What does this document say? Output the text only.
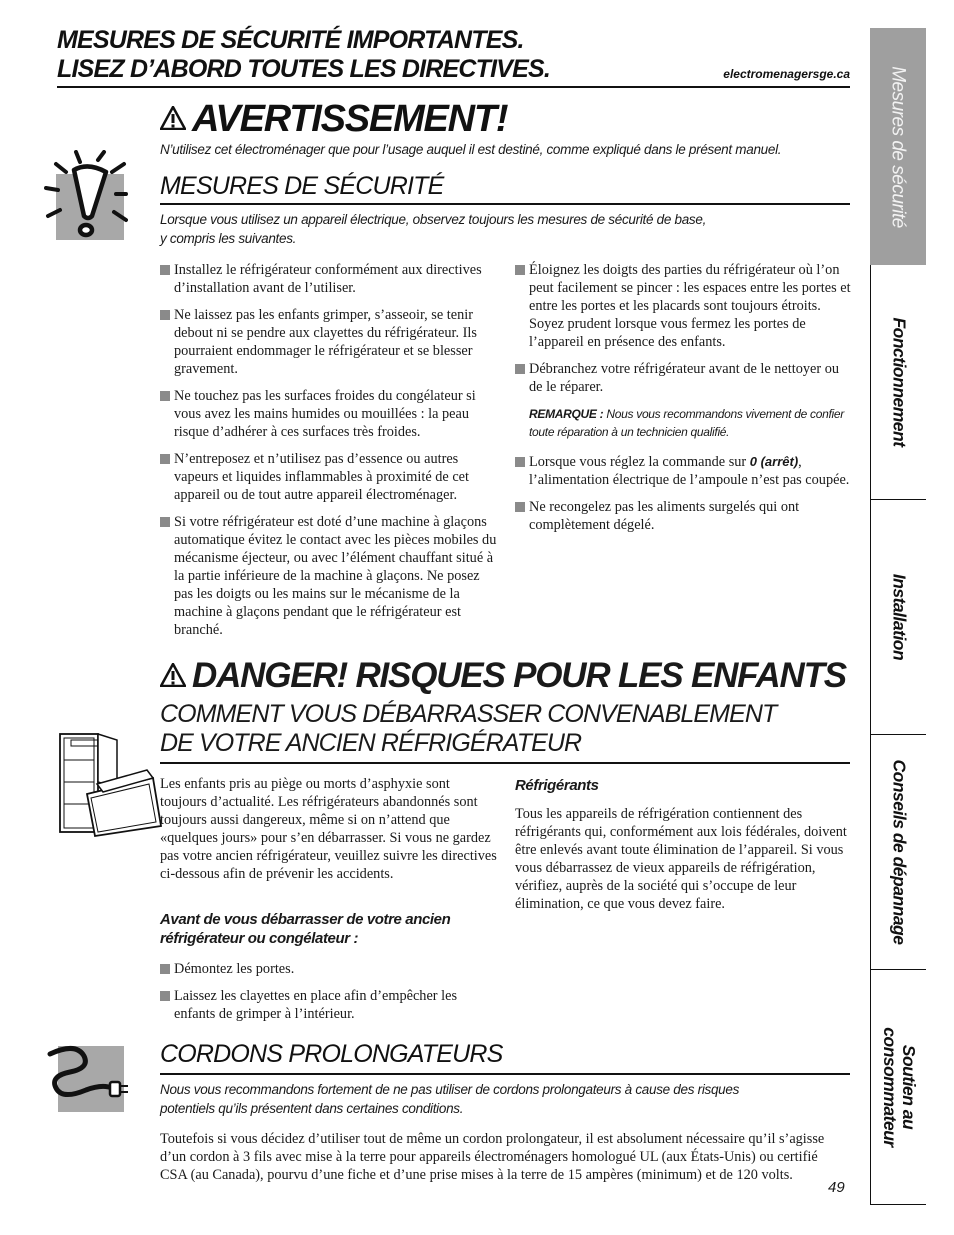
MESURES DE SÉCURITÉ IMPORTANTES.
LISEZ D’ABORD TOUTES LES DIRECTIVES.	electromenagersge.ca
AVERTISSEMENT!
N’utilisez cet électroménager que pour l’usage auquel il est destiné, comme expliqué dans le présent manuel.
MESURES DE SÉCURITÉ
Lorsque vous utilisez un appareil électrique, observez toujours les mesures de sécurité de base,
y compris les suivantes.
Installez le réfrigérateur conformément aux directives d’installation avant de l’utiliser.
Ne laissez pas les enfants grimper, s’asseoir, se tenir debout ni se pendre aux clayettes du réfrigérateur. Ils pourraient endommager le réfrigérateur et se blesser gravement.
Ne touchez pas les surfaces froides du congélateur si vous avez les mains humides ou mouillées : la peau risque d’adhérer à ces surfaces très froides.
N’entreposez et n’utilisez pas d’essence ou autres vapeurs et liquides inflammables à proximité de cet appareil ou de tout autre appareil électroménager.
Si votre réfrigérateur est doté d’une machine à glaçons automatique évitez le contact avec les pièces mobiles du mécanisme éjecteur, ou avec l’élément chauffant situé à la partie inférieure de la machine à glaçons. Ne posez pas les doigts ou les mains sur le mécanisme de la machine à glaçons pendant que le réfrigérateur est branché.
Éloignez les doigts des parties du réfrigérateur où l’on peut facilement se pincer : les espaces entre les portes et entre les portes et les placards sont toujours étroits. Soyez prudent lorsque vous fermez les portes de l’appareil en présence des enfants.
Débranchez votre réfrigérateur avant de le nettoyer ou de le réparer.
REMARQUE : Nous vous recommandons vivement de confier toute réparation à un technicien qualifié.
Lorsque vous réglez la commande sur 0 (arrêt), l’alimentation électrique de l’ampoule n’est pas coupée.
Ne recongelez pas les aliments surgelés qui ont complètement dégelé.
DANGER! RISQUES POUR LES ENFANTS
COMMENT VOUS DÉBARRASSER CONVENABLEMENT
DE VOTRE ANCIEN RÉFRIGÉRATEUR
Les enfants pris au piège ou morts d’asphyxie sont toujours d’actualité. Les réfrigérateurs abandonnés sont toujours aussi dangereux, même si on n’attend que «quelques jours» pour s’en débarrasser. Si vous ne gardez pas votre ancien réfrigérateur, veuillez suivre les directives ci-dessous afin de prévenir les accidents.
Avant de vous débarrasser de votre ancien
réfrigérateur ou congélateur :
Démontez les portes.
Laissez les clayettes en place afin d’empêcher les enfants de grimper à l’intérieur.
Réfrigérants
Tous les appareils de réfrigération contiennent des réfrigérants qui, conformément aux lois fédérales, doivent être enlevés avant toute élimination de l’appareil. Si vous vous débarrassez de vieux appareils de réfrigération, vérifiez, auprès de la société qui s’occupe de leur élimination, ce que vous devez faire.
CORDONS PROLONGATEURS
Nous vous recommandons fortement de ne pas utiliser de cordons prolongateurs à cause des risques
potentiels qu’ils présentent dans certaines conditions.
Toutefois si vous décidez d’utiliser tout de même un cordon prolongateur, il est absolument nécessaire qu’il s’agisse d’un cordon à 3 fils avec mise à la terre pour appareils électroménagers homologué UL (aux États-Unis) ou certifié CSA (au Canada), pourvu d’une fiche et d’une prise mises à la terre de 15 ampères (minimum) et de 120 volts.
49
Mesures de sécurité
Fonctionnement
Installation
Conseils de dépannage
Soutien au
consommateur
